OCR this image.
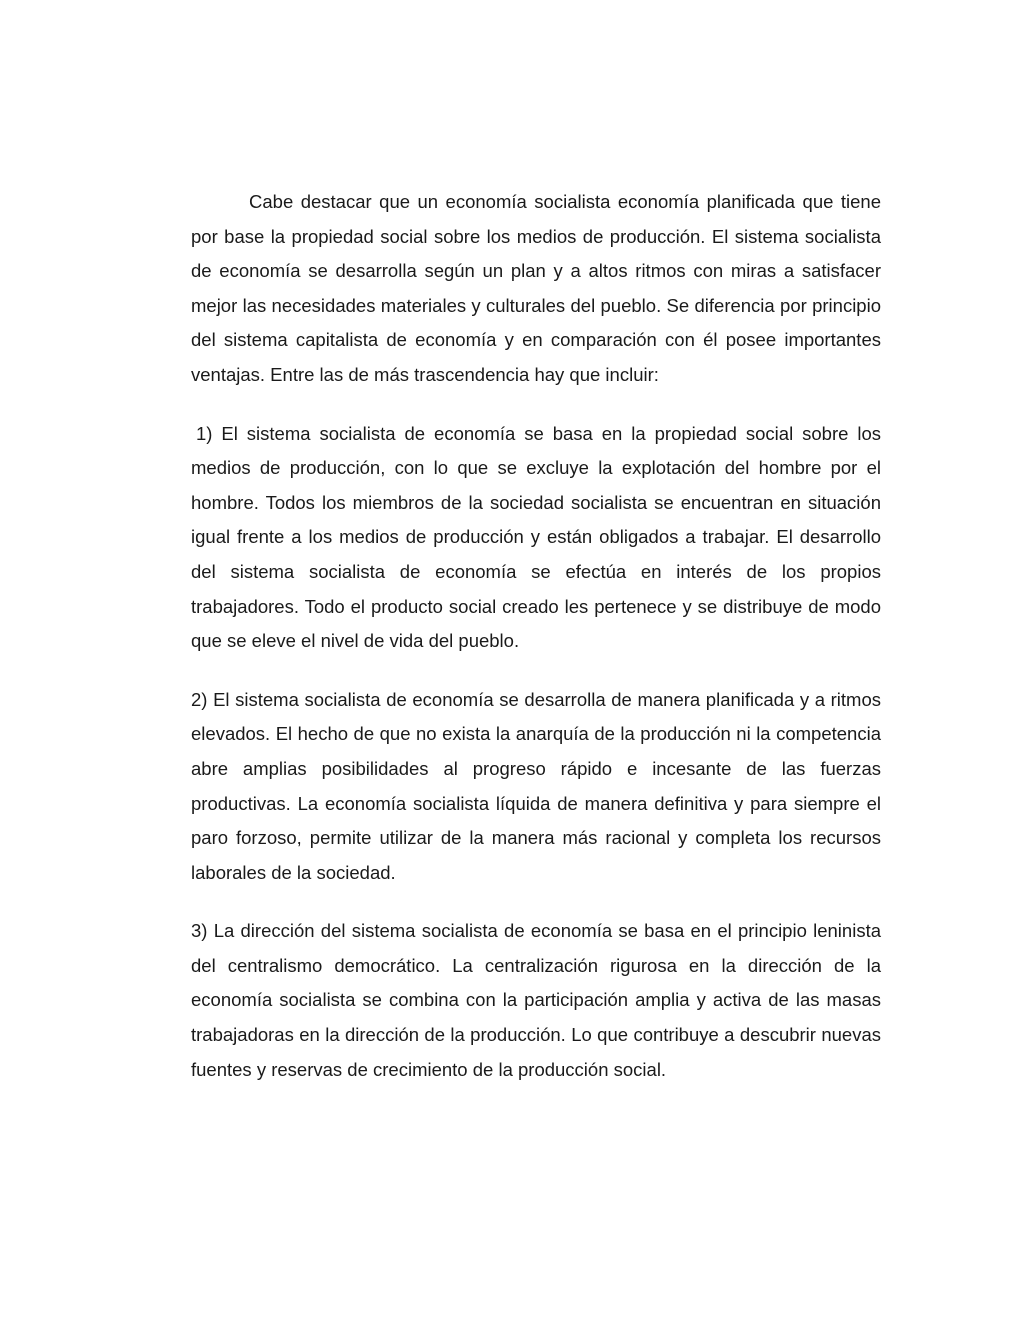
Cabe destacar que un economía socialista economía planificada que tiene por base la propiedad social sobre los medios de producción. El sistema socialista de economía se desarrolla según un plan y a altos ritmos con miras a satisfacer mejor las necesidades materiales y culturales del pueblo. Se diferencia por principio del sistema capitalista de economía y en comparación con él posee importantes ventajas. Entre las de más trascendencia hay que incluir:

1) El sistema socialista de economía se basa en la propiedad social sobre los medios de producción, con lo que se excluye la explotación del hombre por el hombre. Todos los miembros de la sociedad socialista se encuentran en situación igual frente a los medios de producción y están obligados a trabajar. El desarrollo del sistema socialista de economía se efectúa en interés de los propios trabajadores. Todo el producto social creado les pertenece y se distribuye de modo que se eleve el nivel de vida del pueblo.

2) El sistema socialista de economía se desarrolla de manera planificada y a ritmos elevados. El hecho de que no exista la anarquía de la producción ni la competencia abre amplias posibilidades al progreso rápido e incesante de las fuerzas productivas. La economía socialista líquida de manera definitiva y para siempre el paro forzoso, permite utilizar de la manera más racional y completa los recursos laborales de la sociedad.

3) La dirección del sistema socialista de economía se basa en el principio leninista del centralismo democrático. La centralización rigurosa en la dirección de la economía socialista se combina con la participación amplia y activa de las masas trabajadoras en la dirección de la producción. Lo que contribuye a descubrir nuevas fuentes y reservas de crecimiento de la producción social.
